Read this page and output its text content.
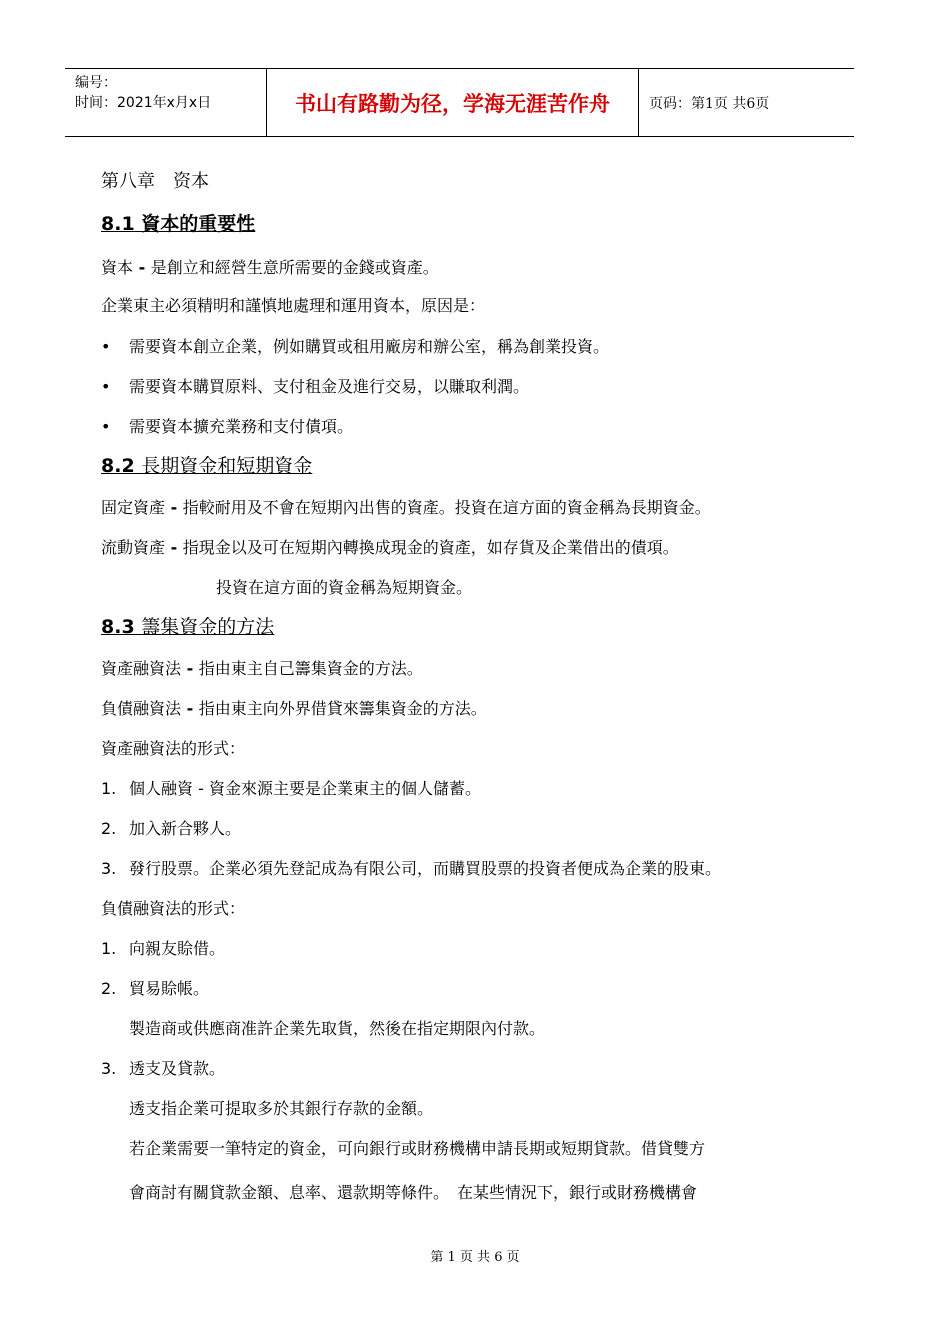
编号：
时间：2021年x月x日	书山有路勤为径，学海无涯苦作舟	页码：第1页 共6页
第八章　资本
8.1 資本的重要性
資本 - 是創立和經營生意所需要的金錢或資產。
企業東主必須精明和謹慎地處理和運用資本，原因是：
• 需要資本創立企業，例如購買或租用廠房和辦公室，稱為創業投資。
• 需要資本購買原料、支付租金及進行交易，以賺取利潤。
• 需要資本擴充業務和支付債項。
8.2 長期資金和短期資金
固定資產 - 指較耐用及不會在短期內出售的資產。投資在這方面的資金稱為長期資金。
流動資產 - 指現金以及可在短期內轉換成現金的資產，如存貨及企業借出的債項。
投資在這方面的資金稱為短期資金。
8.3 籌集資金的方法
資產融資法 - 指由東主自己籌集資金的方法。
負債融資法 - 指由東主向外界借貸來籌集資金的方法。
資產融資法的形式：
1. 個人融資 - 資金來源主要是企業東主的個人儲蓄。
2. 加入新合夥人。
3. 發行股票。企業必須先登記成為有限公司，而購買股票的投資者便成為企業的股東。
負債融資法的形式：
1. 向親友賒借。
2. 貿易賒帳。
製造商或供應商准許企業先取貨，然後在指定期限內付款。
3. 透支及貸款。
透支指企業可提取多於其銀行存款的金額。
若企業需要一筆特定的資金，可向銀行或財務機構申請長期或短期貸款。借貸雙方
會商討有關貸款金額、息率、還款期等條件。　在某些情況下，銀行或財務機構會
第 1 页 共 6 页
